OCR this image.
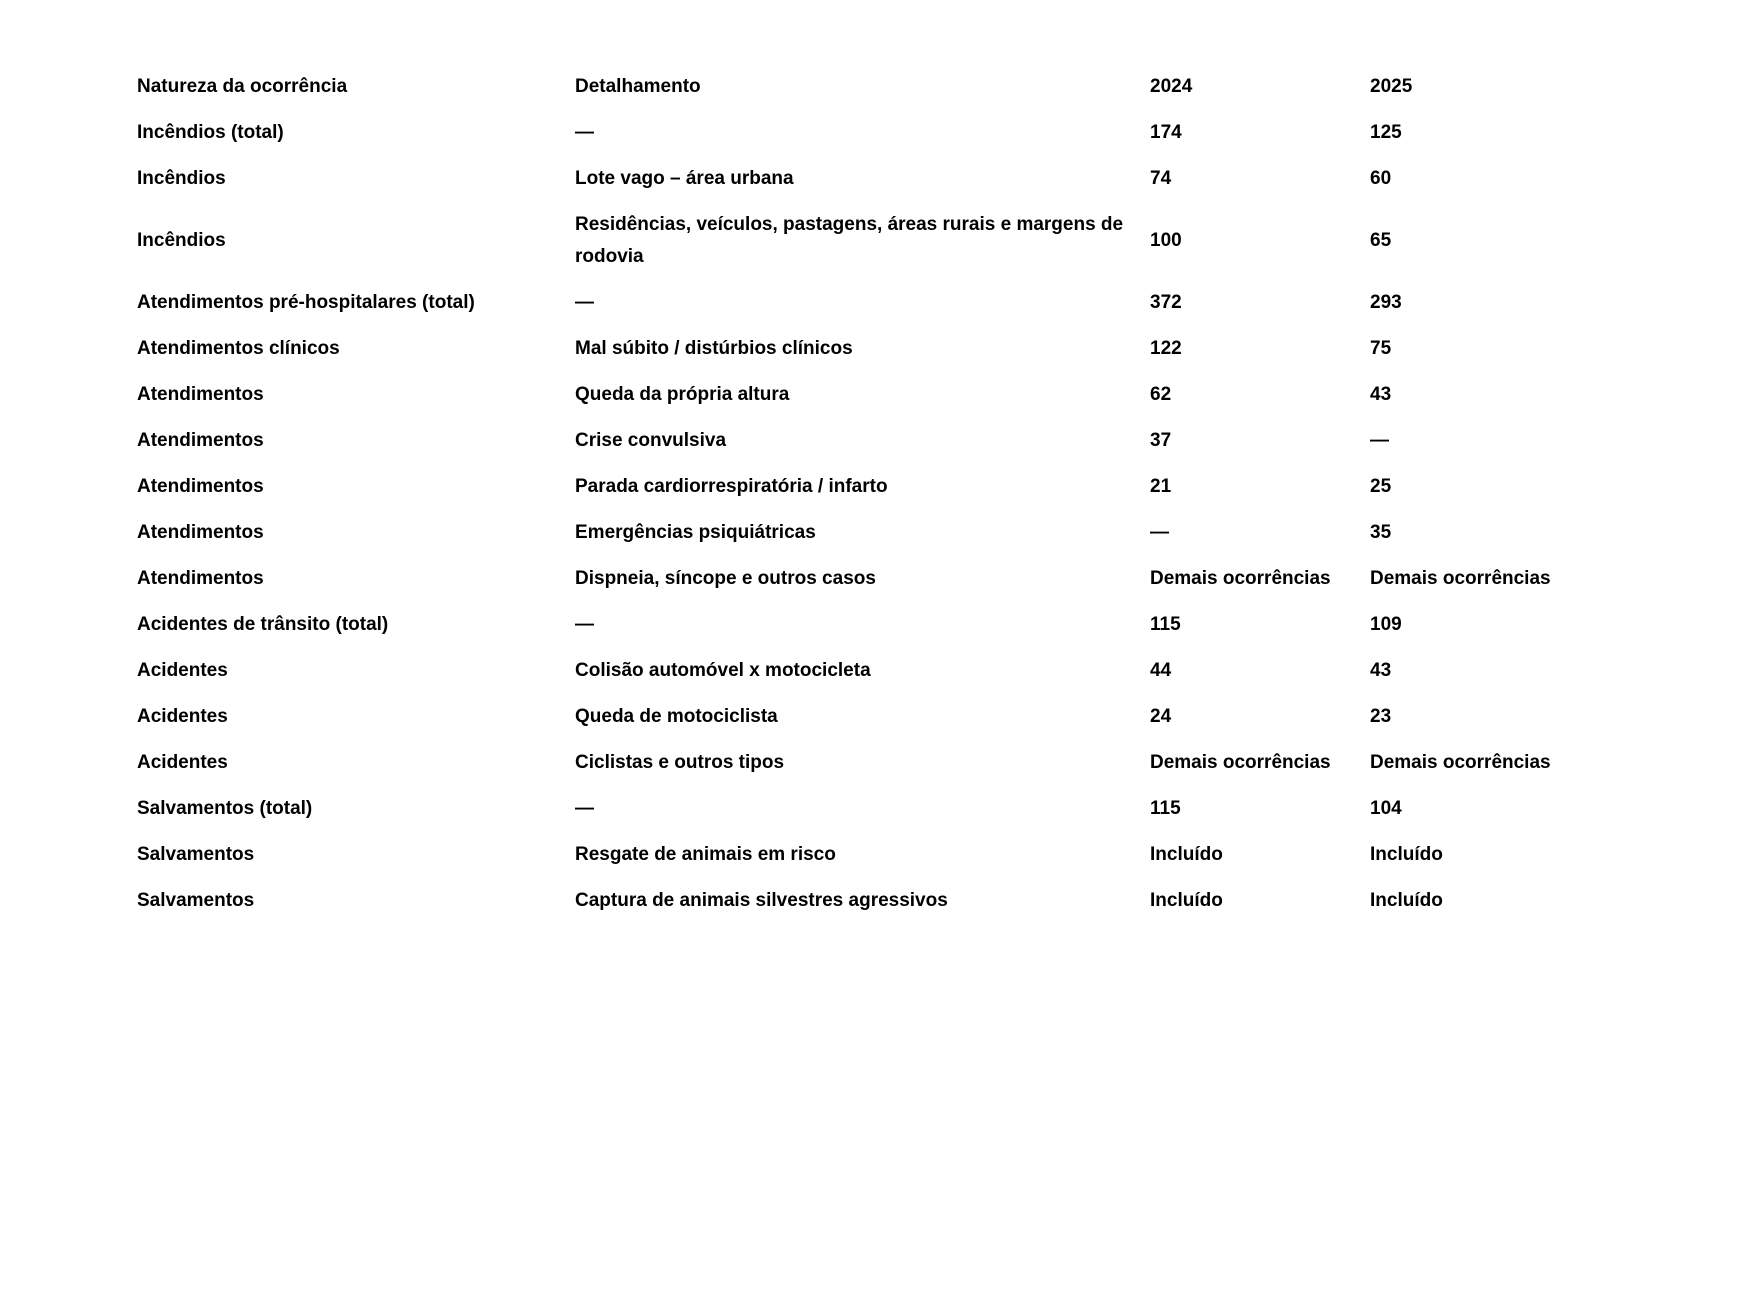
Natureza da ocorrência	Detalhamento	2024	2025
Incêndios (total)	—	174	125
Incêndios	Lote vago – área urbana	74	60
Incêndios	Residências, veículos, pastagens, áreas rurais e margens de rodovia	100	65
Atendimentos pré-hospitalares (total)	—	372	293
Atendimentos clínicos	Mal súbito / distúrbios clínicos	122	75
Atendimentos	Queda da própria altura	62	43
Atendimentos	Crise convulsiva	37	—
Atendimentos	Parada cardiorrespiratória / infarto	21	25
Atendimentos	Emergências psiquiátricas	—	35
Atendimentos	Dispneia, síncope e outros casos	Demais ocorrências	Demais ocorrências
Acidentes de trânsito (total)	—	115	109
Acidentes	Colisão automóvel x motocicleta	44	43
Acidentes	Queda de motociclista	24	23
Acidentes	Ciclistas e outros tipos	Demais ocorrências	Demais ocorrências
Salvamentos (total)	—	115	104
Salvamentos	Resgate de animais em risco	Incluído	Incluído
Salvamentos	Captura de animais silvestres agressivos	Incluído	Incluído
